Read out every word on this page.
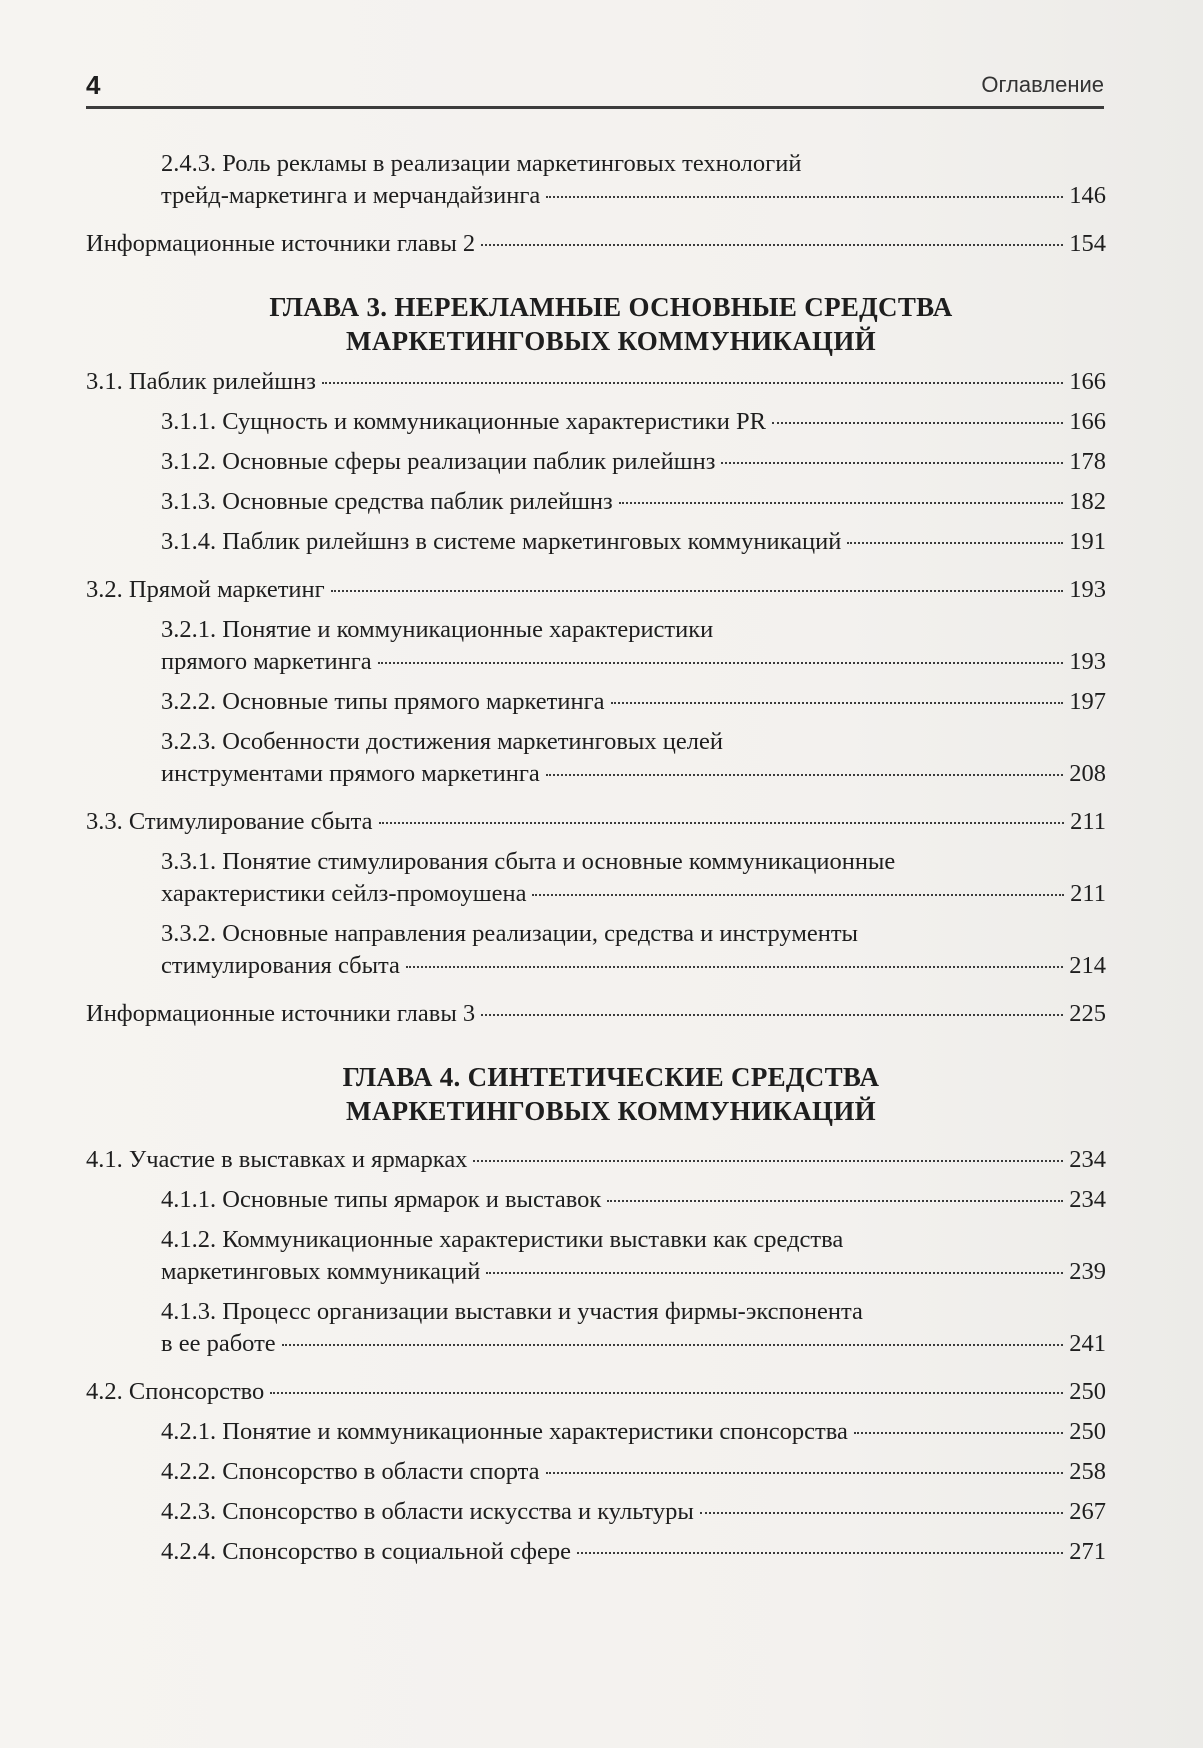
4	Оглавление
2.4.3. Роль рекламы в реализации маркетинговых технологий
трейд-маркетинга и мерчандайзинга	146
Информационные источники главы 2	154
ГЛАВА 3. НЕРЕКЛАМНЫЕ ОСНОВНЫЕ СРЕДСТВА
МАРКЕТИНГОВЫХ КОММУНИКАЦИЙ
3.1. Паблик рилейшнз	166
3.1.1. Сущность и коммуникационные характеристики PR	166
3.1.2. Основные сферы реализации паблик рилейшнз	178
3.1.3. Основные средства паблик рилейшнз	182
3.1.4. Паблик рилейшнз в системе маркетинговых коммуникаций	191
3.2. Прямой маркетинг	193
3.2.1. Понятие и коммуникационные характеристики
прямого маркетинга	193
3.2.2. Основные типы прямого маркетинга	197
3.2.3. Особенности достижения маркетинговых целей
инструментами прямого маркетинга	208
3.3. Стимулирование сбыта	211
3.3.1. Понятие стимулирования сбыта и основные коммуникационные
характеристики сейлз-промоушена	211
3.3.2. Основные направления реализации, средства и инструменты
стимулирования сбыта	214
Информационные источники главы 3	225
ГЛАВА 4. СИНТЕТИЧЕСКИЕ СРЕДСТВА
МАРКЕТИНГОВЫХ КОММУНИКАЦИЙ
4.1. Участие в выставках и ярмарках	234
4.1.1. Основные типы ярмарок и выставок	234
4.1.2. Коммуникационные характеристики выставки как средства
маркетинговых коммуникаций	239
4.1.3. Процесс организации выставки и участия фирмы-экспонента
в ее работе	241
4.2. Спонсорство	250
4.2.1. Понятие и коммуникационные характеристики спонсорства	250
4.2.2. Спонсорство в области спорта	258
4.2.3. Спонсорство в области искусства и культуры	267
4.2.4. Спонсорство в социальной сфере	271
